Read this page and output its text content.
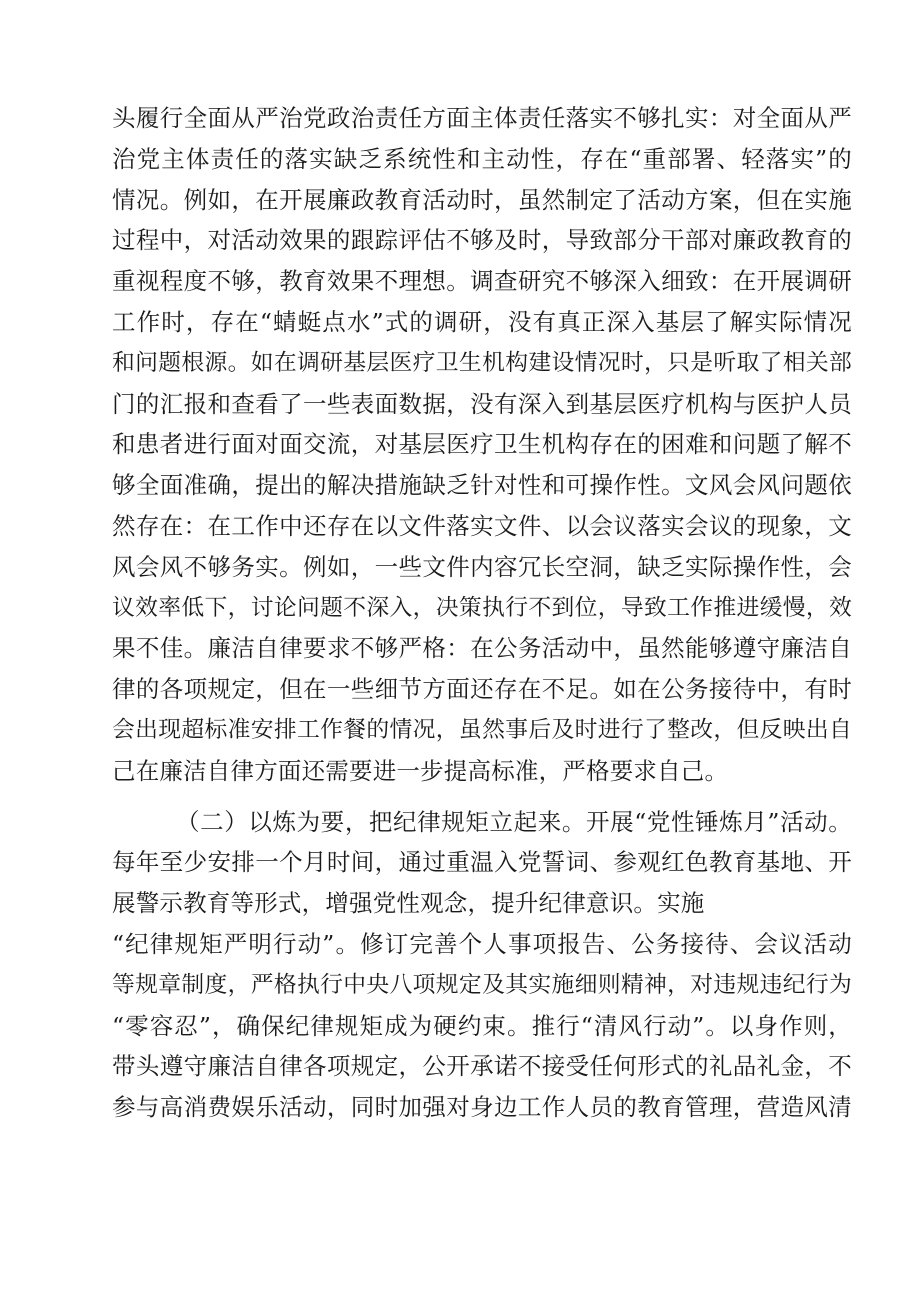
头履行全面从严治党政治责任方面主体责任落实不够扎实：对全面从严
治党主体责任的落实缺乏系统性和主动性，存在“重部署、轻落实”的
情况。例如，在开展廉政教育活动时，虽然制定了活动方案，但在实施
过程中，对活动效果的跟踪评估不够及时，导致部分干部对廉政教育的
重视程度不够，教育效果不理想。调查研究不够深入细致：在开展调研
工作时，存在“蜻蜓点水”式的调研，没有真正深入基层了解实际情况
和问题根源。如在调研基层医疗卫生机构建设情况时，只是听取了相关部
门的汇报和查看了一些表面数据，没有深入到基层医疗机构与医护人员
和患者进行面对面交流，对基层医疗卫生机构存在的困难和问题了解不
够全面准确，提出的解决措施缺乏针对性和可操作性。文风会风问题依
然存在：在工作中还存在以文件落实文件、以会议落实会议的现象，文
风会风不够务实。例如，一些文件内容冗长空洞，缺乏实际操作性，会
议效率低下，讨论问题不深入，决策执行不到位，导致工作推进缓慢，效
果不佳。廉洁自律要求不够严格：在公务活动中，虽然能够遵守廉洁自
律的各项规定，但在一些细节方面还存在不足。如在公务接待中，有时
会出现超标准安排工作餐的情况，虽然事后及时进行了整改，但反映出自
己在廉洁自律方面还需要进一步提高标准，严格要求自己。
（二）以炼为要，把纪律规矩立起来。开展“党性锤炼月”活动。
每年至少安排一个月时间，通过重温入党誓词、参观红色教育基地、开
展警示教育等形式，增强党性观念，提升纪律意识。实施
“纪律规矩严明行动”。修订完善个人事项报告、公务接待、会议活动
等规章制度，严格执行中央八项规定及其实施细则精神，对违规违纪行为
“零容忍”，确保纪律规矩成为硬约束。推行“清风行动”。以身作则，
带头遵守廉洁自律各项规定，公开承诺不接受任何形式的礼品礼金，不
参与高消费娱乐活动，同时加强对身边工作人员的教育管理，营造风清
